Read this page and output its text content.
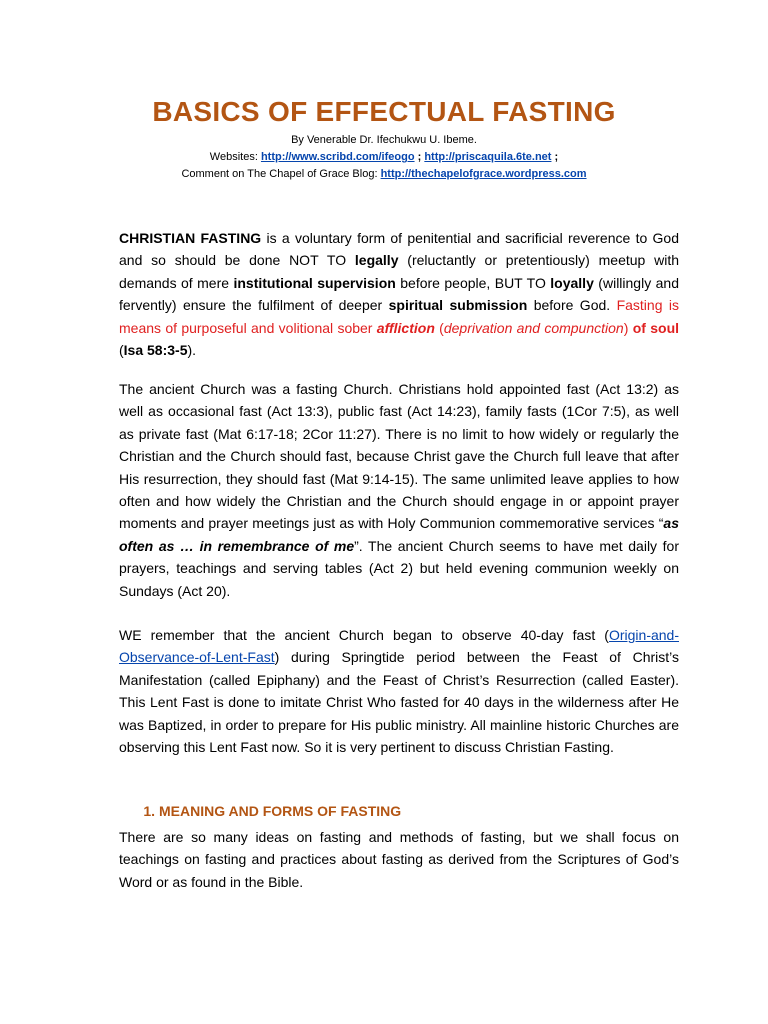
BASICS OF EFFECTUAL FASTING
By Venerable Dr. Ifechukwu U. Ibeme.
Websites: http://www.scribd.com/ifeogo ; http://priscaquila.6te.net ;
Comment on The Chapel of Grace Blog: http://thechapelofgrace.wordpress.com
CHRISTIAN FASTING is a voluntary form of penitential and sacrificial reverence to God and so should be done NOT TO legally (reluctantly or pretentiously) meetup with demands of mere institutional supervision before people, BUT TO loyally (willingly and fervently) ensure the fulfilment of deeper spiritual submission before God. Fasting is means of purposeful and volitional sober affliction (deprivation and compunction) of soul (Isa 58:3-5).
The ancient Church was a fasting Church. Christians hold appointed fast (Act 13:2) as well as occasional fast (Act 13:3), public fast (Act 14:23), family fasts (1Cor 7:5), as well as private fast (Mat 6:17-18; 2Cor 11:27). There is no limit to how widely or regularly the Christian and the Church should fast, because Christ gave the Church full leave that after His resurrection, they should fast (Mat 9:14-15). The same unlimited leave applies to how often and how widely the Christian and the Church should engage in or appoint prayer moments and prayer meetings just as with Holy Communion commemorative services “as often as … in remembrance of me”. The ancient Church seems to have met daily for prayers, teachings and serving tables (Act 2) but held evening communion weekly on Sundays (Act 20).
WE remember that the ancient Church began to observe 40-day fast (Origin-and-Observance-of-Lent-Fast) during Springtide period between the Feast of Christ’s Manifestation (called Epiphany) and the Feast of Christ’s Resurrection (called Easter). This Lent Fast is done to imitate Christ Who fasted for 40 days in the wilderness after He was Baptized, in order to prepare for His public ministry. All mainline historic Churches are observing this Lent Fast now. So it is very pertinent to discuss Christian Fasting.
1. MEANING AND FORMS OF FASTING
There are so many ideas on fasting and methods of fasting, but we shall focus on teachings on fasting and practices about fasting as derived from the Scriptures of God’s Word or as found in the Bible.
